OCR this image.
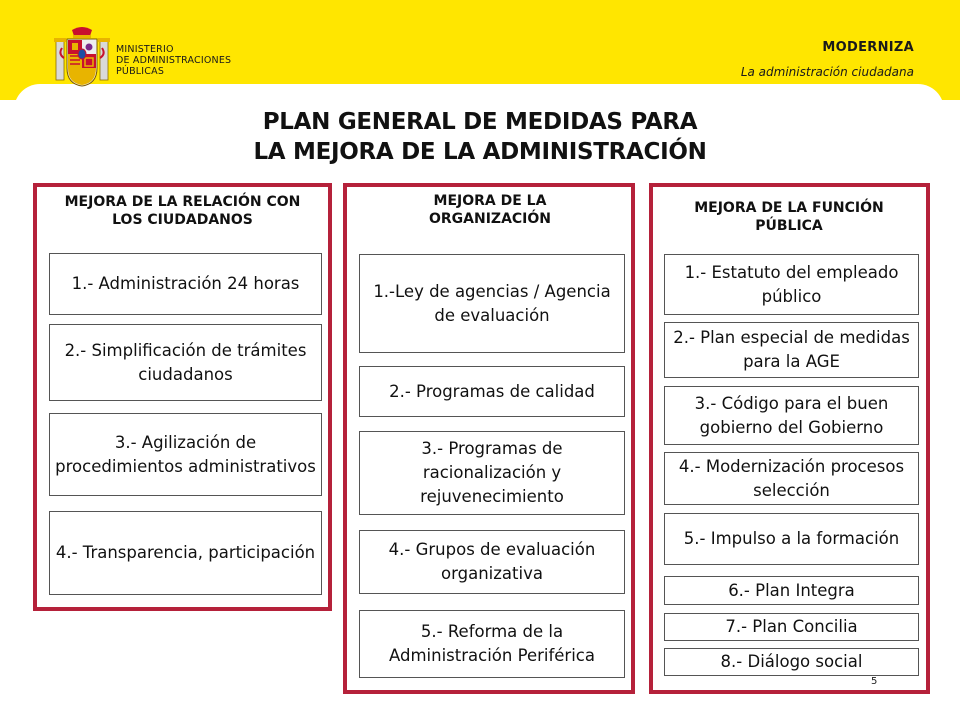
MINISTERIO
DE ADMINISTRACIONES
PÚBLICAS
MODERNIZA
La administración ciudadana
PLAN GENERAL DE MEDIDAS PARA
LA MEJORA DE LA ADMINISTRACIÓN
MEJORA DE LA RELACIÓN CON LOS CIUDADANOS
1.- Administración 24 horas
2.- Simplificación de trámites ciudadanos
3.- Agilización de procedimientos administrativos
4.- Transparencia, participación
MEJORA DE LA ORGANIZACIÓN
1.-Ley de agencias / Agencia de evaluación
2.- Programas de calidad
3.- Programas de racionalización y rejuvenecimiento
4.- Grupos de evaluación organizativa
5.- Reforma de la Administración Periférica
MEJORA DE LA FUNCIÓN PÚBLICA
1.- Estatuto del empleado público
2.- Plan especial de medidas para la AGE
3.- Código para el buen gobierno del Gobierno
4.- Modernización procesos selección
5.- Impulso a la formación
6.- Plan Integra
7.- Plan Concilia
8.- Diálogo social
5
